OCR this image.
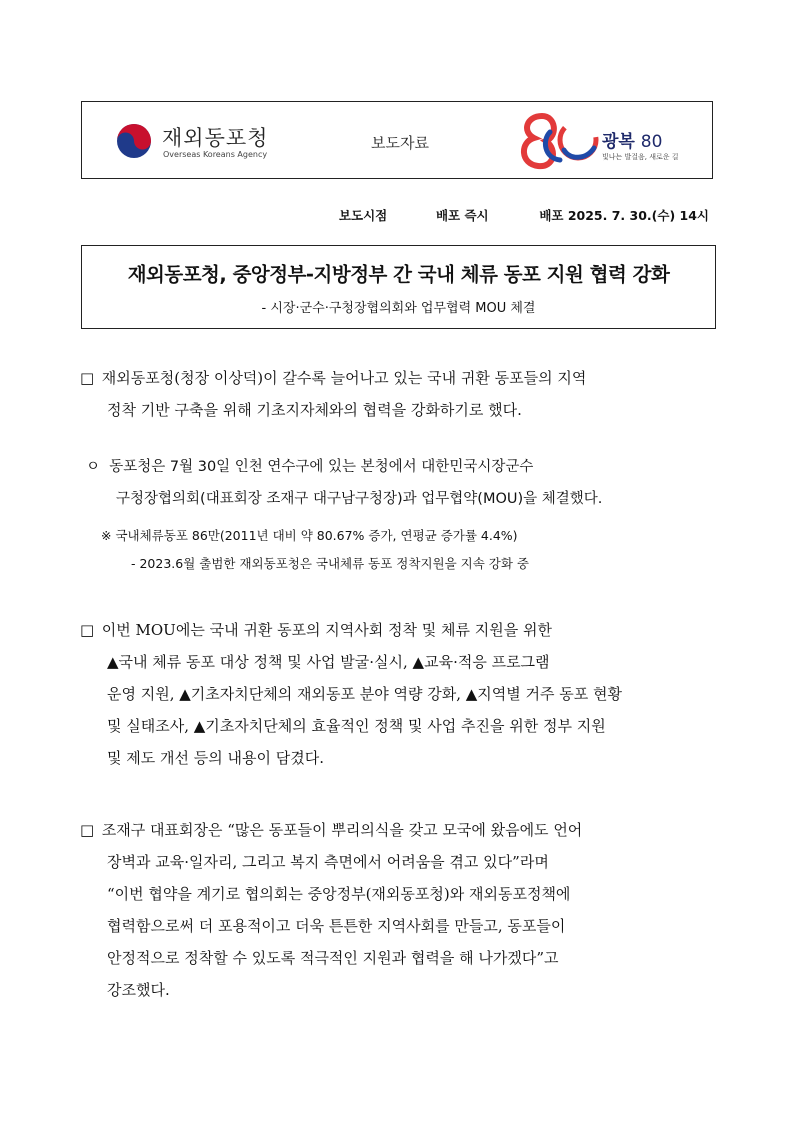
재외동포청
Overseas Koreans Agency
보도자료	광복 80
빛나는 발걸음, 새로운 길
보도시점	배포 즉시	배포 2025. 7. 30.(수) 14시
재외동포청, 중앙정부-지방정부 간 국내 체류 동포 지원 협력 강화
- 시장·군수·구청장협의회와 업무협력 MOU 체결
□ 재외동포청(청장 이상덕)이 갈수록 늘어나고 있는 국내 귀환 동포들의 지역
정착 기반 구축을 위해 기초지자체와의 협력을 강화하기로 했다.
ㅇ 동포청은 7월 30일 인천 연수구에 있는 본청에서 대한민국시장군수
구청장협의회(대표회장 조재구 대구남구청장)과 업무협약(MOU)을 체결했다.
※ 국내체류동포 86만(2011년 대비 약 80.67% 증가, 연평균 증가률 4.4%)
- 2023.6월 출범한 재외동포청은 국내체류 동포 정착지원을 지속 강화 중
□ 이번 MOU에는 국내 귀환 동포의 지역사회 정착 및 체류 지원을 위한
▲국내 체류 동포 대상 정책 및 사업 발굴·실시, ▲교육·적응 프로그램
운영 지원, ▲기초자치단체의 재외동포 분야 역량 강화, ▲지역별 거주 동포 현황
및 실태조사, ▲기초자치단체의 효율적인 정책 및 사업 추진을 위한 정부 지원
및 제도 개선 등의 내용이 담겼다.
□ 조재구 대표회장은 “많은 동포들이 뿌리의식을 갖고 모국에 왔음에도 언어
장벽과 교육·일자리, 그리고 복지 측면에서 어려움을 겪고 있다”라며
“이번 협약을 계기로 협의회는 중앙정부(재외동포청)와 재외동포정책에
협력함으로써 더 포용적이고 더욱 튼튼한 지역사회를 만들고, 동포들이
안정적으로 정착할 수 있도록 적극적인 지원과 협력을 해 나가겠다”고
강조했다.
